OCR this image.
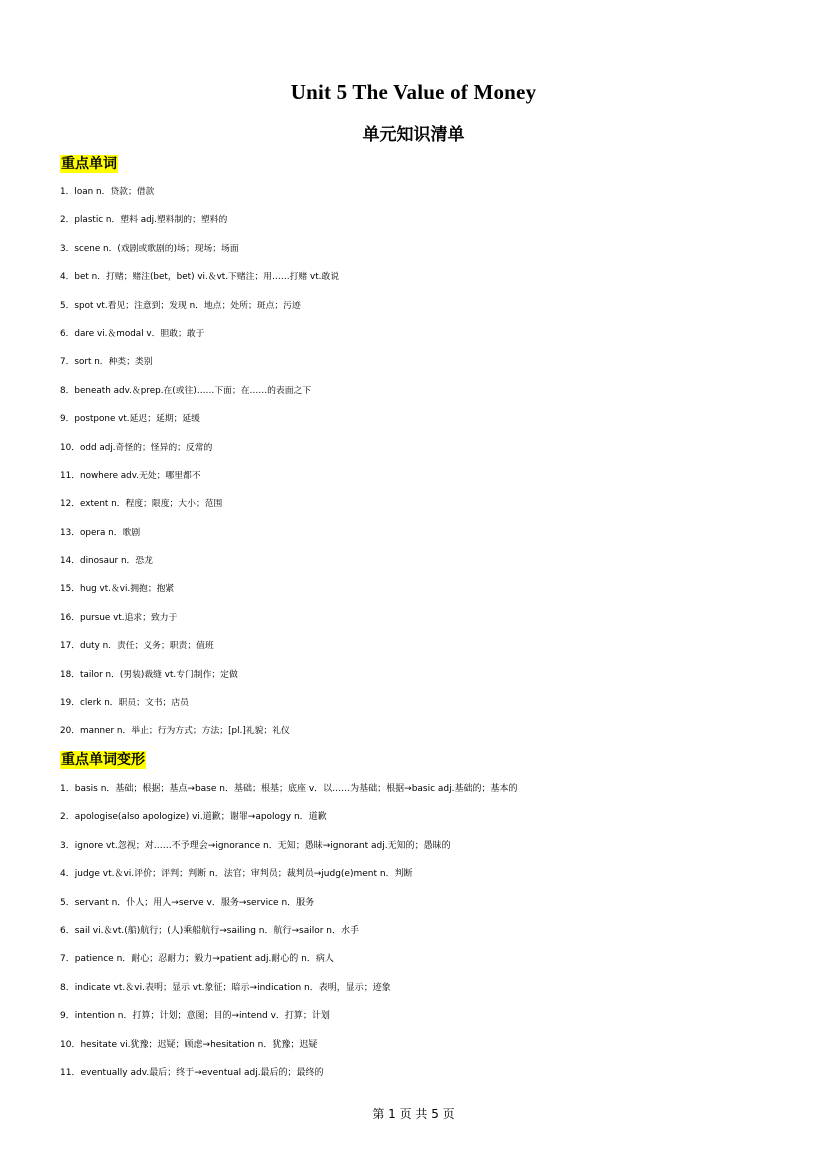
Unit 5 The Value of Money
单元知识清单
重点单词
1．loan n．贷款；借款
2．plastic n．塑料 adj.塑料制的；塑料的
3．scene n．(戏剧或歌剧的)场；现场；场面
4．bet n．打赌；赌注(bet，bet) vi.＆vt.下赌注；用……打赌 vt.敢说
5．spot vt.看见；注意到；发现 n．地点；处所；斑点；污迹
6．dare vi.＆modal v．胆敢；敢于
7．sort n．种类；类别
8．beneath adv.＆prep.在(或往)……下面；在……的表面之下
9．postpone vt.延迟；延期；延缓
10．odd adj.奇怪的；怪异的；反常的
11．nowhere adv.无处；哪里都不
12．extent n．程度；限度；大小；范围
13．opera n．歌剧
14．dinosaur n．恐龙
15．hug vt.＆vi.拥抱；抱紧
16．pursue vt.追求；致力于
17．duty n．责任；义务；职责；值班
18．tailor n．(男装)裁缝 vt.专门制作；定做
19．clerk n．职员；文书；店员
20．manner n．举止；行为方式；方法；[pl.]礼貌；礼仪
重点单词变形
1．basis n．基础；根据；基点→base n．基础；根基；底座 v．以……为基础；根据→basic adj.基础的；基本的
2．apologise(also apologize) vi.道歉；谢罪→apology n．道歉
3．ignore vt.忽视；对……不予理会→ignorance n．无知；愚昧→ignorant adj.无知的；愚昧的
4．judge vt.＆vi.评价；评判；判断 n．法官；审判员；裁判员→judg(e)ment n．判断
5．servant n．仆人；用人→serve v．服务→service n．服务
6．sail vi.＆vt.(船)航行；(人)乘船航行→sailing n．航行→sailor n．水手
7．patience n．耐心；忍耐力；毅力→patient adj.耐心的 n．病人
8．indicate vt.＆vi.表明；显示 vt.象征；暗示→indication n．表明，显示；迹象
9．intention n．打算；计划；意图；目的→intend v．打算；计划
10．hesitate vi.犹豫；迟疑；顾虑→hesitation n．犹豫；迟疑
11．eventually adv.最后；终于→eventual adj.最后的；最终的
第 1 页 共 5 页
